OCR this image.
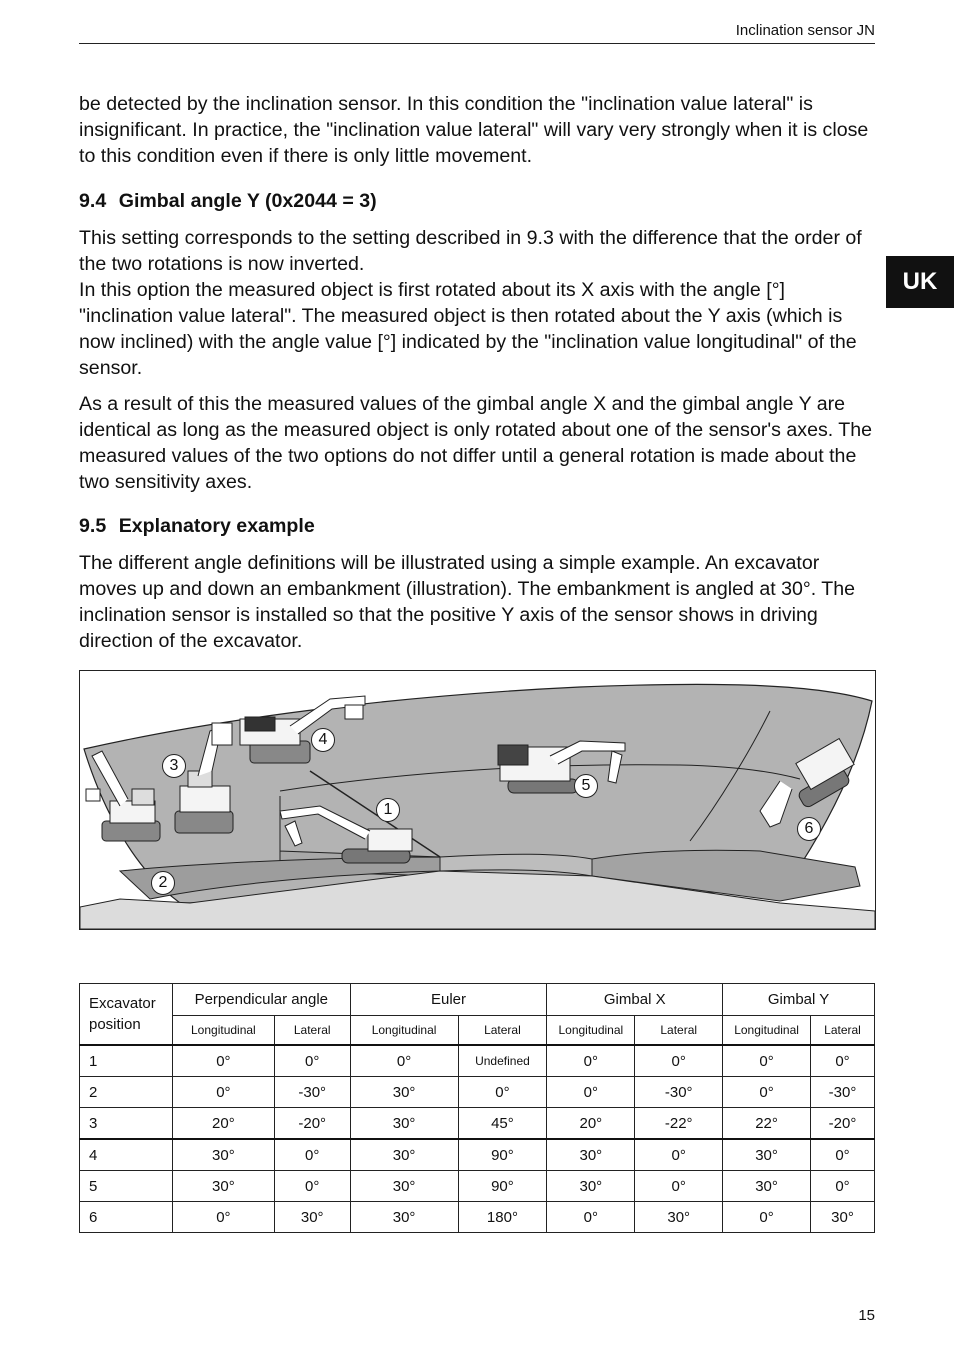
Inclination sensor JN
UK

be detected by the inclination sensor. In this condition the "inclination value lateral" is insignificant. In practice, the "inclination value lateral" will vary very strongly when it is close to this condition even if there is only little movement.

9.4 Gimbal angle Y (0x2044 = 3)

This setting corresponds to the setting described in 9.3 with the difference that the order of the two rotations is now inverted.

In this option the measured object is first rotated about its X axis with the angle [°] "inclination value lateral". The measured object is then rotated about the Y axis (which is now inclined) with the angle value [°] indicated by the "inclination value longitudinal" of the sensor.

As a result of this the measured values of the gimbal angle X and the gimbal angle Y are identical as long as the measured object is only rotated about one of the sensor's axes. The measured values of the two options do not differ until a general rotation is made about the two sensitivity axes.

9.5 Explanatory example

The different angle definitions will be illustrated using a simple example. An excavator moves up and down an embankment (illustration). The embankment is angled at 30°. The inclination sensor is installed so that the positive Y axis of the sensor shows in driving direction of the excavator.

3
4
1
5
6
2
Excavator position	Perpendicular angle		Euler		Gimbal X		Gimbal Y	
	Longitudinal	Lateral	Longitudinal	Lateral	Longitudinal	Lateral	Longitudinal	Lateral
1	0°	0°	0°	Undefined	0°	0°	0°	0°
2	0°	-30°	30°	0°	0°	-30°	0°	-30°
3	20°	-20°	30°	45°	20°	-22°	22°	-20°
4	30°	0°	30°	90°	30°	0°	30°	0°
5	30°	0°	30°	90°	30°	0°	30°	0°
6	0°	30°	30°	180°	0°	30°	0°	30°
15
